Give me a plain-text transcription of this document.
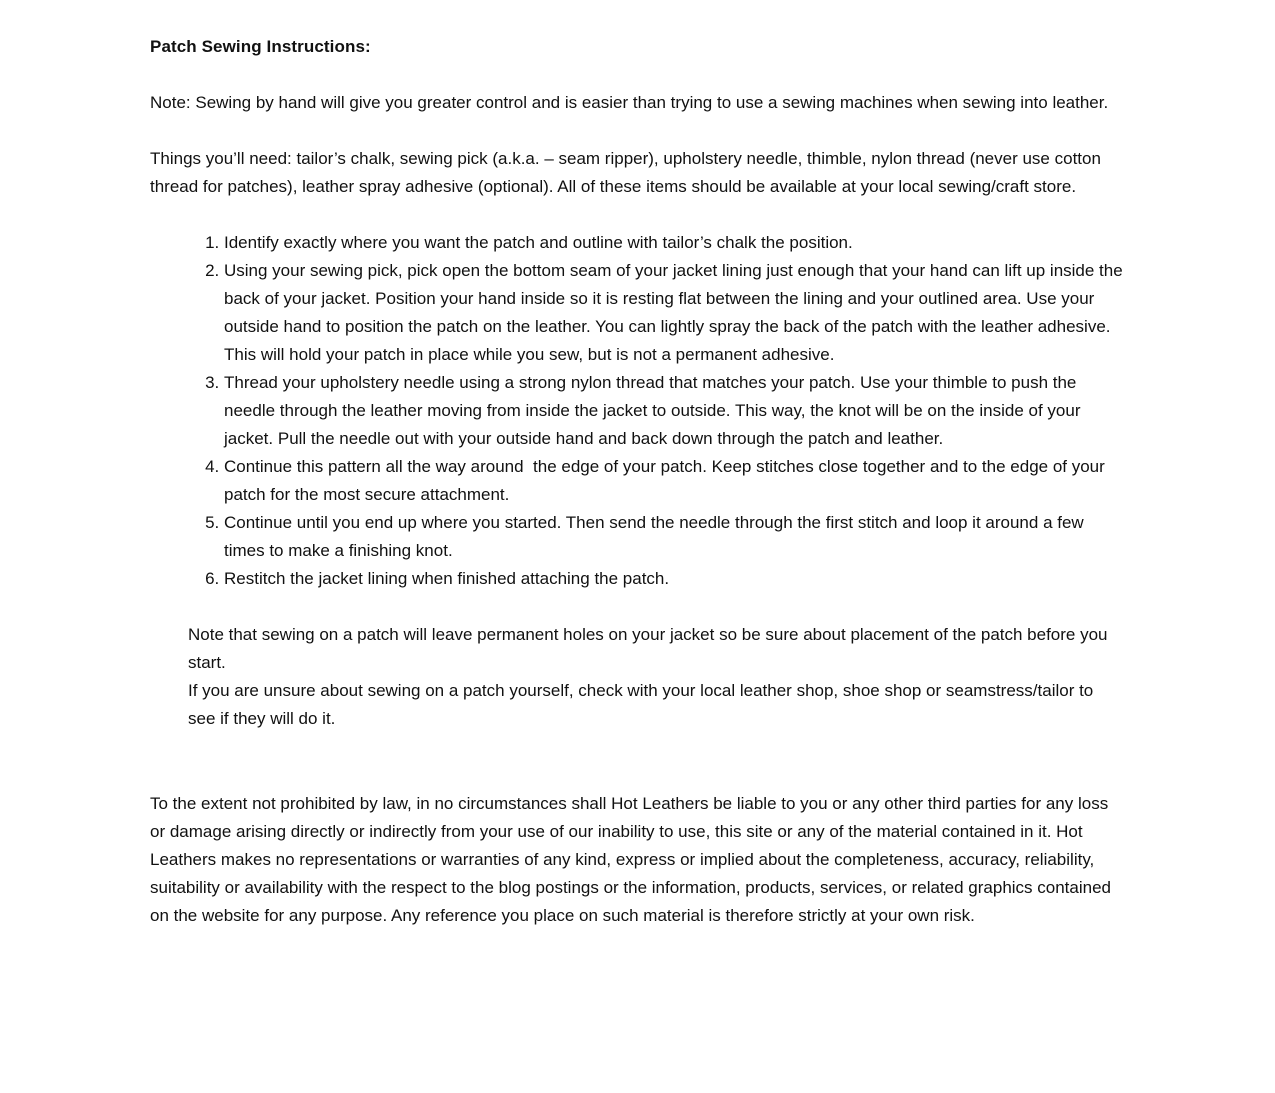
Patch Sewing Instructions:

Note: Sewing by hand will give you greater control and is easier than trying to use a sewing machines when sewing into leather.

Things you’ll need: tailor’s chalk, sewing pick (a.k.a. – seam ripper), upholstery needle, thimble, nylon thread (never use cotton thread for patches), leather spray adhesive (optional). All of these items should be available at your local sewing/craft store.

1. Identify exactly where you want the patch and outline with tailor’s chalk the position.
2. Using your sewing pick, pick open the bottom seam of your jacket lining just enough that your hand can lift up inside the back of your jacket. Position your hand inside so it is resting flat between the lining and your outlined area. Use your outside hand to position the patch on the leather. You can lightly spray the back of the patch with the leather adhesive. This will hold your patch in place while you sew, but is not a permanent adhesive.
3. Thread your upholstery needle using a strong nylon thread that matches your patch. Use your thimble to push the needle through the leather moving from inside the jacket to outside. This way, the knot will be on the inside of your jacket. Pull the needle out with your outside hand and back down through the patch and leather.
4. Continue this pattern all the way around  the edge of your patch. Keep stitches close together and to the edge of your patch for the most secure attachment.
5. Continue until you end up where you started. Then send the needle through the first stitch and loop it around a few times to make a finishing knot.
6. Restitch the jacket lining when finished attaching the patch.

Note that sewing on a patch will leave permanent holes on your jacket so be sure about placement of the patch before you start.

If you are unsure about sewing on a patch yourself, check with your local leather shop, shoe shop or seamstress/tailor to see if they will do it.

To the extent not prohibited by law, in no circumstances shall Hot Leathers be liable to you or any other third parties for any loss or damage arising directly or indirectly from your use of our inability to use, this site or any of the material contained in it. Hot Leathers makes no representations or warranties of any kind, express or implied about the completeness, accuracy, reliability, suitability or availability with the respect to the blog postings or the information, products, services, or related graphics contained on the website for any purpose. Any reference you place on such material is therefore strictly at your own risk.
